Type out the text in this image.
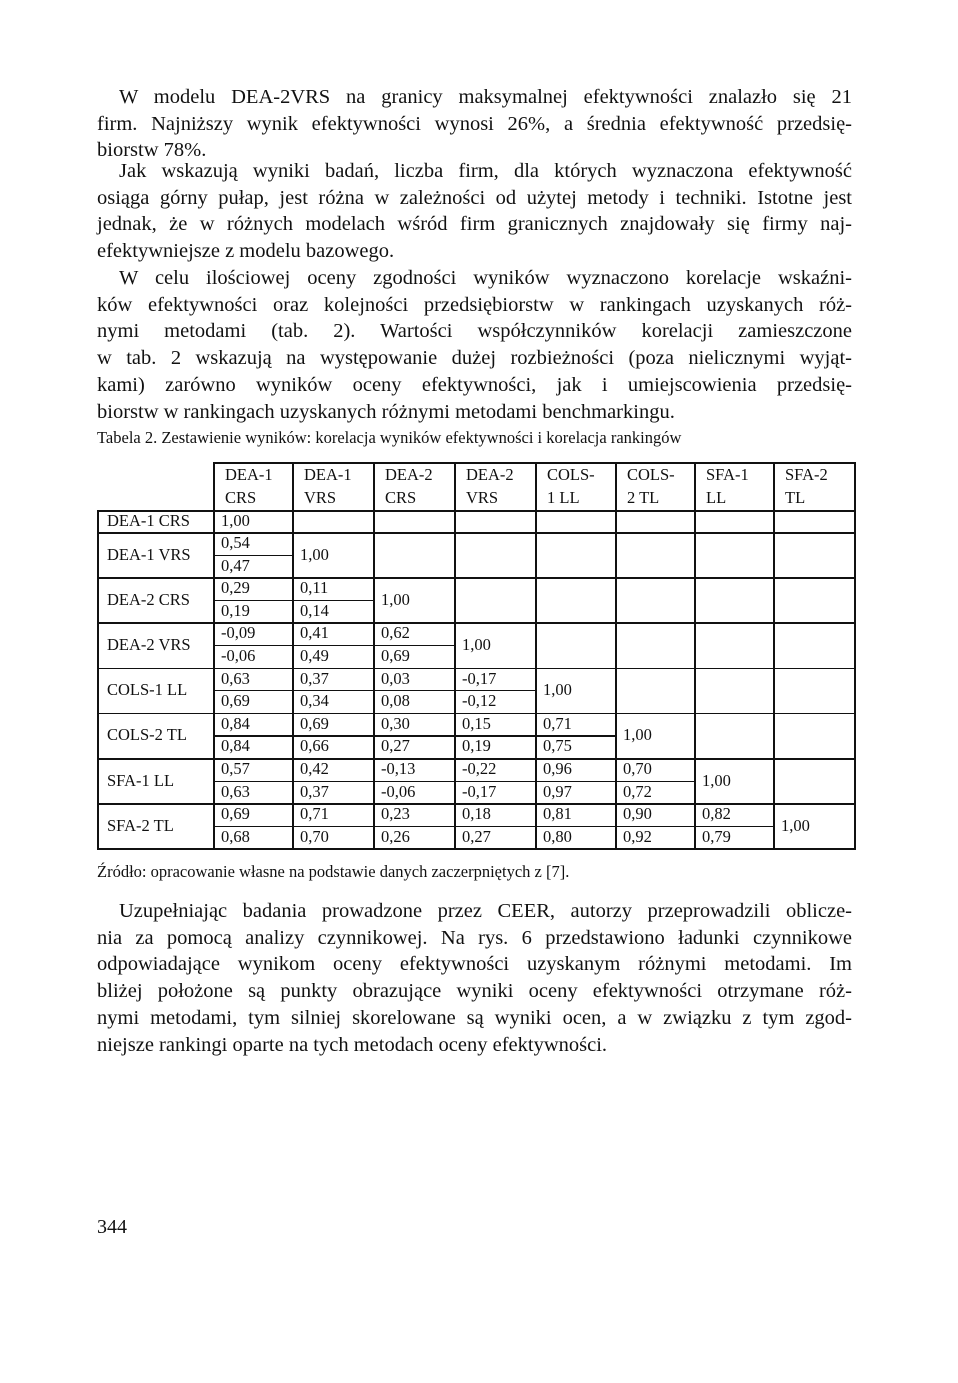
W modelu DEA-2VRS na granicy maksymalnej efektywności znalazło się 21
firm. Najniższy wynik efektywności wynosi 26%, a średnia efektywność przedsię-
biorstw 78%.
Jak wskazują wyniki badań, liczba firm, dla których wyznaczona efektywność
osiąga górny pułap, jest różna w zależności od użytej metody i techniki. Istotne jest
jednak, że w różnych modelach wśród firm granicznych znajdowały się firmy naj-
efektywniejsze z modelu bazowego.
W celu ilościowej oceny zgodności wyników wyznaczono korelacje wskaźni-
ków efektywności oraz kolejności przedsiębiorstw w rankingach uzyskanych róż-
nymi metodami (tab. 2). Wartości współczynników korelacji zamieszczone
w tab. 2 wskazują na występowanie dużej rozbieżności (poza nielicznymi wyjąt-
kami) zarówno wyników oceny efektywności, jak i umiejscowienia przedsię-
biorstw w rankingach uzyskanych różnymi metodami benchmarkingu.
Tabela 2. Zestawienie wyników: korelacja wyników efektywności i korelacja rankingów
DEA-1
CRS
DEA-1
VRS
DEA-2
CRS
DEA-2
VRS
COLS-
1 LL
COLS-
2 TL
SFA-1
LL
SFA-2
TL
DEA-1 CRS	1,00
DEA-1 VRS
0,54
0,47
1,00
DEA-2 CRS
0,29
0,19
0,11
0,14
1,00
DEA-2 VRS
-0,09
-0,06
0,41
0,49
0,62
0,69
1,00
COLS-1 LL
0,63
0,69
0,37
0,34
0,03
0,08
-0,17
-0,12
1,00
COLS-2 TL
0,84
0,84
0,69
0,66
0,30
0,27
0,15
0,19
0,71
0,75
1,00
SFA-1 LL
0,57
0,63
0,42
0,37
-0,13
-0,06
-0,22
-0,17
0,96
0,97
0,70
0,72
1,00
SFA-2 TL
0,69
0,68
0,71
0,70
0,23
0,26
0,18
0,27
0,81
0,80
0,90
0,92
0,82
0,79
1,00
Źródło: opracowanie własne na podstawie danych zaczerpniętych z [7].
Uzupełniając badania prowadzone przez CEER, autorzy przeprowadzili oblicze-
nia za pomocą analizy czynnikowej. Na rys. 6 przedstawiono ładunki czynnikowe
odpowiadające wynikom oceny efektywności uzyskanym różnymi metodami. Im
bliżej położone są punkty obrazujące wyniki oceny efektywności otrzymane róż-
nymi metodami, tym silniej skorelowane są wyniki ocen, a w związku z tym zgod-
niejsze rankingi oparte na tych metodach oceny efektywności.
344
